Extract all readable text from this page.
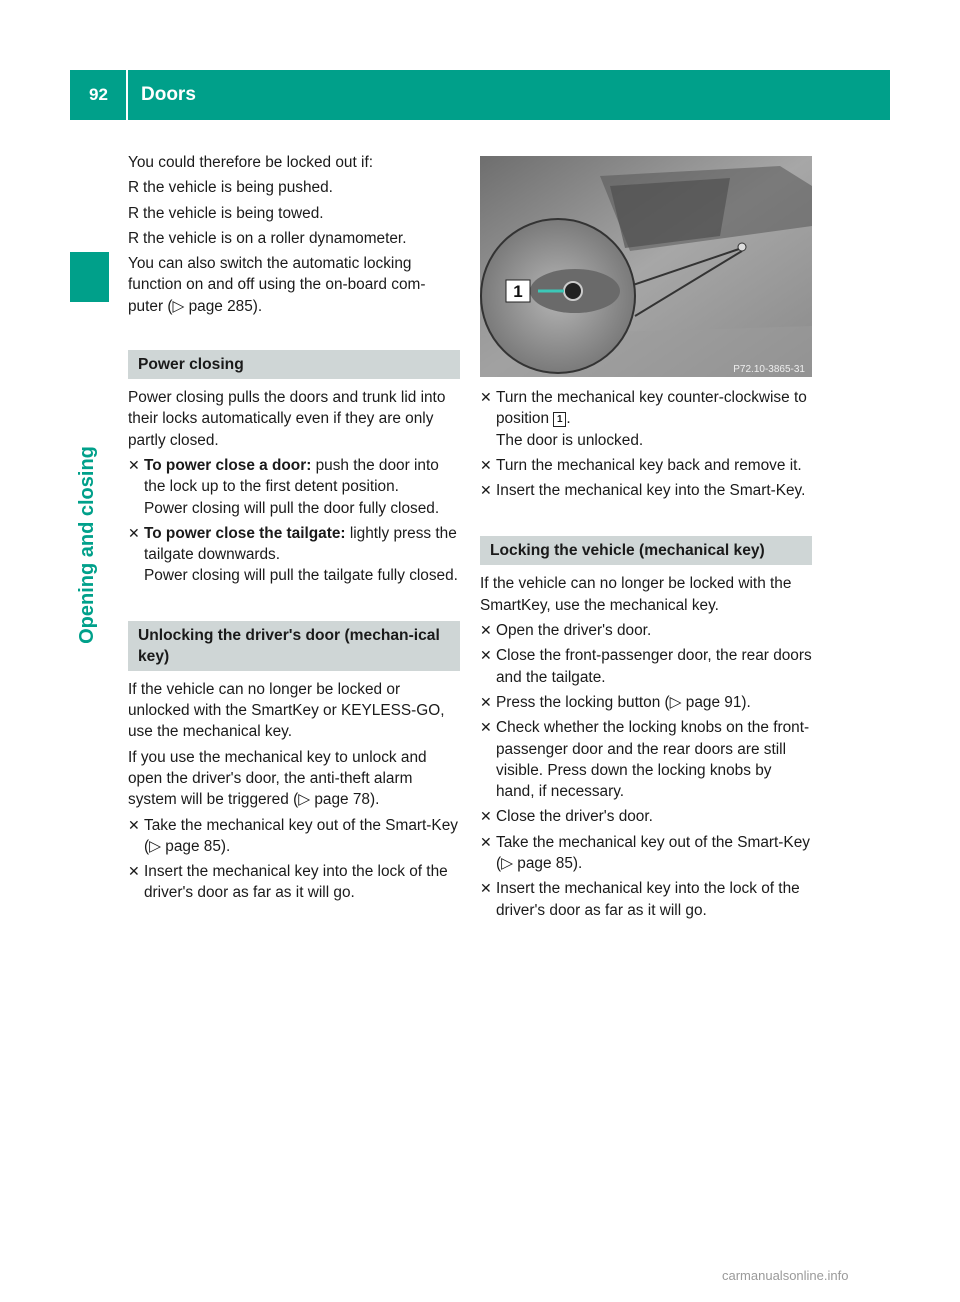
92	Doors
Opening and closing

You could therefore be locked out if:

R the vehicle is being pushed.
R the vehicle is being towed.
R the vehicle is on a roller dynamometer.

You can also switch the automatic locking function on and off using the on-board com-puter (▷ page 285).

Power closing

Power closing pulls the doors and trunk lid into their locks automatically even if they are only partly closed.

✕ To power close a door: push the door into the lock up to the first detent position.
Power closing will pull the door fully closed.
✕ To power close the tailgate: lightly press the tailgate downwards.
Power closing will pull the tailgate fully closed.
Unlocking the driver's door (mechan-ical key)

If the vehicle can no longer be locked or unlocked with the SmartKey or KEYLESS-GO, use the mechanical key.

If you use the mechanical key to unlock and open the driver's door, the anti-theft alarm system will be triggered (▷ page 78).

✕ Take the mechanical key out of the Smart-Key (▷ page 85).
✕ Insert the mechanical key into the lock of the driver's door as far as it will go.
1
P72.10-3865-31
✕ Turn the mechanical key counter-clockwise to position 1 .
The door is unlocked.
✕ Turn the mechanical key back and remove it.
✕ Insert the mechanical key into the Smart-Key.
Locking the vehicle (mechanical key)

If the vehicle can no longer be locked with the SmartKey, use the mechanical key.

✕ Open the driver's door.
✕ Close the front-passenger door, the rear doors and the tailgate.
✕ Press the locking button (▷ page 91).
✕ Check whether the locking knobs on the front-passenger door and the rear doors are still visible. Press down the locking knobs by hand, if necessary.
✕ Close the driver's door.
✕ Take the mechanical key out of the Smart-Key (▷ page 85).
✕ Insert the mechanical key into the lock of the driver's door as far as it will go.
carmanualsonline.info
